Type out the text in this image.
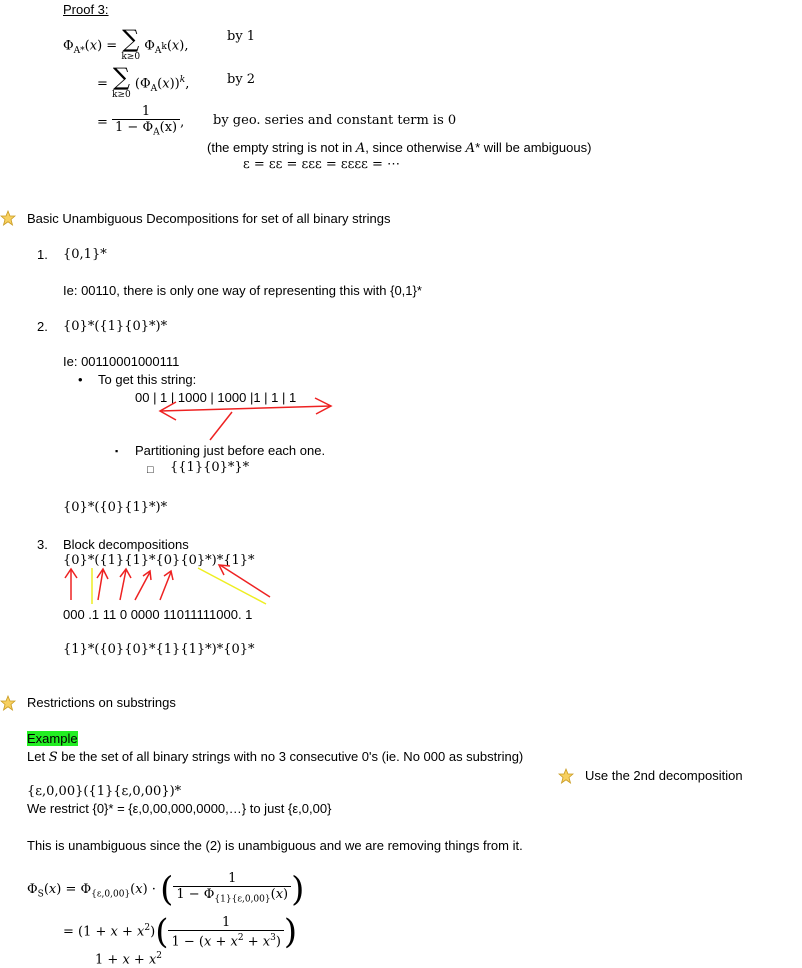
Proof 3:
$\Phi_{A*}(x)$ = ∑
k≥0
$\Phi_{A^k}(x)$,
by 1
= ∑
k≥0
$(\Phi_A(x))^k$,	by 2
= $\frac{1}{1 - \Phi_A(x)}$ , by geo. series and constant term is 0
(the empty string is not in A, since otherwise A* will be ambiguous)
ε = εε = εεε = εεεε = ⋯
Basic Unambiguous Decompositions for set of all binary strings
1. {0,1}*
Ie: 00110, there is only one way of representing this with {0,1}*
2. {0}*({1}{0}*)*
Ie: 00110001000111
• To get this string:
00 | 1 | 1000 | 1000 |1 | 1 | 1
▪ Partitioning just before each one.
□ {{1}{0}*}*
{0}*({0}{1}*)*
3. Block decompositions
{0}*({1}{1}*{0}{0}*)*{1}*
000 .1 11 0 0000 11011111000. 1
{1}*({0}{0}*{1}{1}*)*{0}*
Restrictions on substrings
Example
Let S be the set of all binary strings with no 3 consecutive 0's (ie. No 000 as substring)
Use the 2nd decomposition
{ε,0,00}({1}{ε,0,00})*
We restrict {0}* = {ε,0,00,000,0000,…} to just {ε,0,00}
This is unambiguous since the (2) is unambiguous and we are removing things from it.
$\Phi_S(x) = \Phi_{\{\varepsilon,0,00\}}(x)$ · ( $\frac{1}{1 - \Phi_{\{1\}\{\varepsilon,0,00\}}(x)}$ )
= $(1 + x + x^2)( \frac{1}{1 - (x + x^2 + x^3)}$ )
$1 + x + x^2$
